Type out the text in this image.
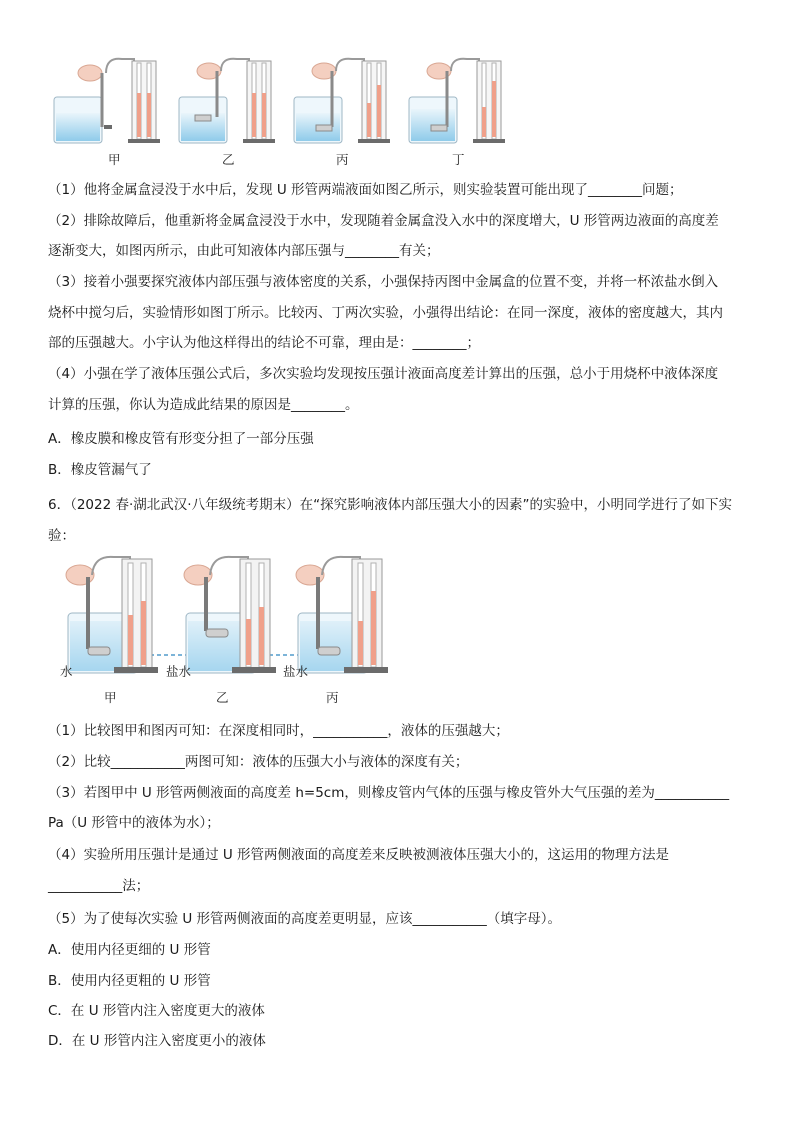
甲	乙	丙	丁
（1）他将金属盒浸没于水中后，发现 U 形管两端液面如图乙所示，则实验装置可能出现了________问题；
（2）排除故障后，他重新将金属盒浸没于水中，发现随着金属盒没入水中的深度增大，U 形管两边液面的高度差
逐渐变大，如图丙所示，由此可知液体内部压强与________有关；
（3）接着小强要探究液体内部压强与液体密度的关系，小强保持丙图中金属盒的位置不变，并将一杯浓盐水倒入
烧杯中搅匀后，实验情形如图丁所示。比较丙、丁两次实验，小强得出结论：在同一深度，液体的密度越大，其内
部的压强越大。小宇认为他这样得出的结论不可靠，理由是：________；
（4）小强在学了液体压强公式后，多次实验均发现按压强计液面高度差计算出的压强，总小于用烧杯中液体深度
计算的压强，你认为造成此结果的原因是________。
A．橡皮膜和橡皮管有形变分担了一部分压强
B．橡皮管漏气了
6．（2022 春·湖北武汉·八年级统考期末）在“探究影响液体内部压强大小的因素”的实验中，小明同学进行了如下实
验：
水	盐水	盐水
甲	乙	丙
（1）比较图甲和图丙可知：在深度相同时，___________，液体的压强越大；
（2）比较___________两图可知：液体的压强大小与液体的深度有关；
（3）若图甲中 U 形管两侧液面的高度差 h=5cm，则橡皮管内气体的压强与橡皮管外大气压强的差为___________
Pa（U 形管中的液体为水）；
（4）实验所用压强计是通过 U 形管两侧液面的高度差来反映被测液体压强大小的，这运用的物理方法是
___________法；
（5）为了使每次实验 U 形管两侧液面的高度差更明显，应该___________（填字母）。
A．使用内径更细的 U 形管
B．使用内径更粗的 U 形管
C．在 U 形管内注入密度更大的液体
D．在 U 形管内注入密度更小的液体
